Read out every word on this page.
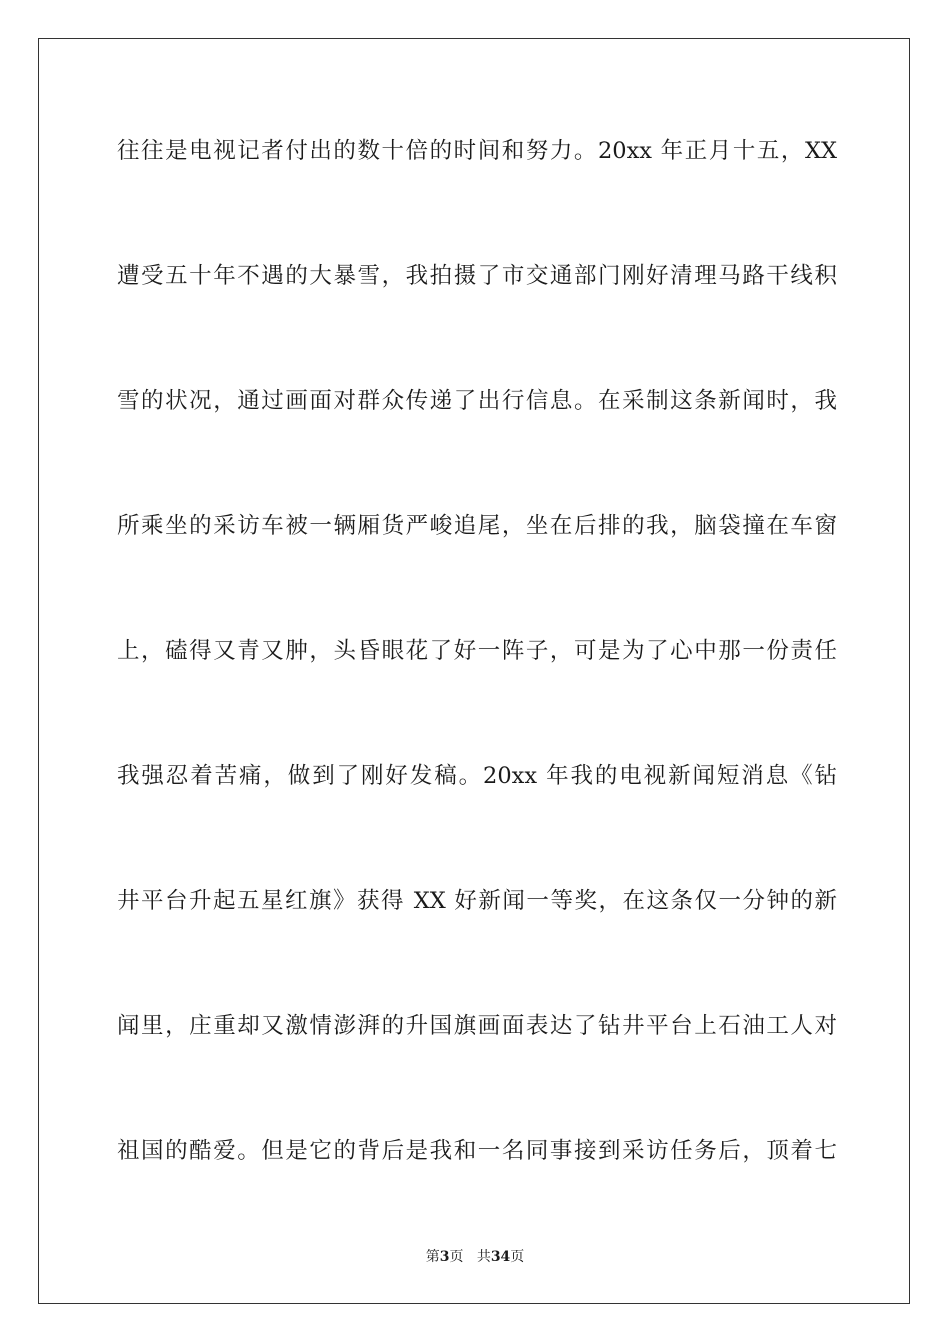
往往是电视记者付出的数十倍的时间和努力。20xx 年正月十五，XX
遭受五十年不遇的大暴雪，我拍摄了市交通部门刚好清理马路干线积
雪的状况，通过画面对群众传递了出行信息。在采制这条新闻时，我
所乘坐的采访车被一辆厢货严峻追尾，坐在后排的我，脑袋撞在车窗
上，磕得又青又肿，头昏眼花了好一阵子，可是为了心中那一份责任
我强忍着苦痛，做到了刚好发稿。20xx 年我的电视新闻短消息《钻
井平台升起五星红旗》获得 XX 好新闻一等奖，在这条仅一分钟的新
闻里，庄重却又激情澎湃的升国旗画面表达了钻井平台上石油工人对
祖国的酷爱。但是它的背后是我和一名同事接到采访任务后，顶着七
第3页 共34页
